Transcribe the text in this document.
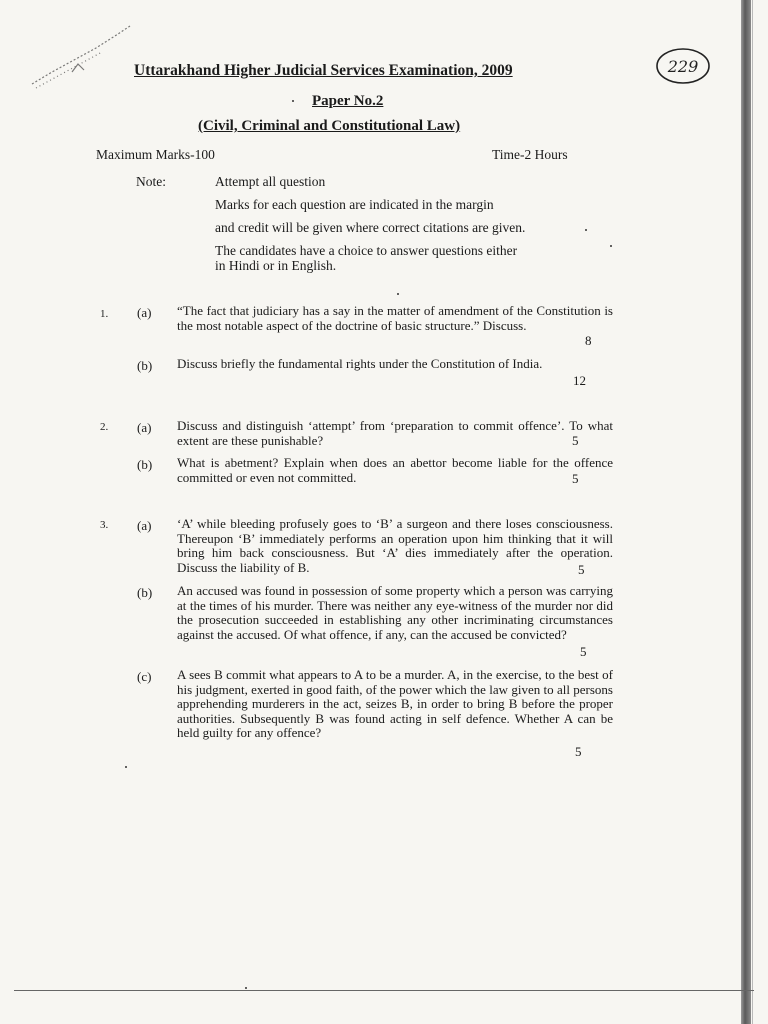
229
Uttarakhand Higher Judicial Services Examination, 2009
Paper No.2
(Civil, Criminal and Constitutional Law)
Maximum Marks-100	Time-2 Hours
Note:	Attempt all question
Marks for each question are indicated in the margin
and credit will be given where correct citations are given.
The candidates have a choice to answer questions either
in Hindi or in English.
1. (a) “The fact that judiciary has a say in the matter of amendment of the Constitution is the most notable aspect of the doctrine of basic structure.” Discuss.
8
(b) Discuss briefly the fundamental rights under the Constitution of India.
12
2. (a) Discuss and distinguish ‘attempt’ from ‘preparation to commit offence’. To what extent are these punishable?	5
(b) What is abetment? Explain when does an abettor become liable for the offence committed or even not committed.	5
3. (a) ‘A’ while bleeding profusely goes to ‘B’ a surgeon and there loses consciousness. Thereupon ‘B’ immediately performs an operation upon him thinking that it will bring him back consciousness. But ‘A’ dies immediately after the operation. Discuss the liability of B.	5
(b) An accused was found in possession of some property which a person was carrying at the times of his murder. There was neither any eye-witness of the murder nor did the prosecution succeeded in establishing any other incriminating circumstances against the accused. Of what offence, if any, can the accused be convicted?
5
(c) A sees B commit what appears to A to be a murder. A, in the exercise, to the best of his judgment, exerted in good faith, of the power which the law given to all persons apprehending murderers in the act, seizes B, in order to bring B before the proper authorities. Subsequently B was found acting in self defence. Whether A can be held guilty for any offence?
5
